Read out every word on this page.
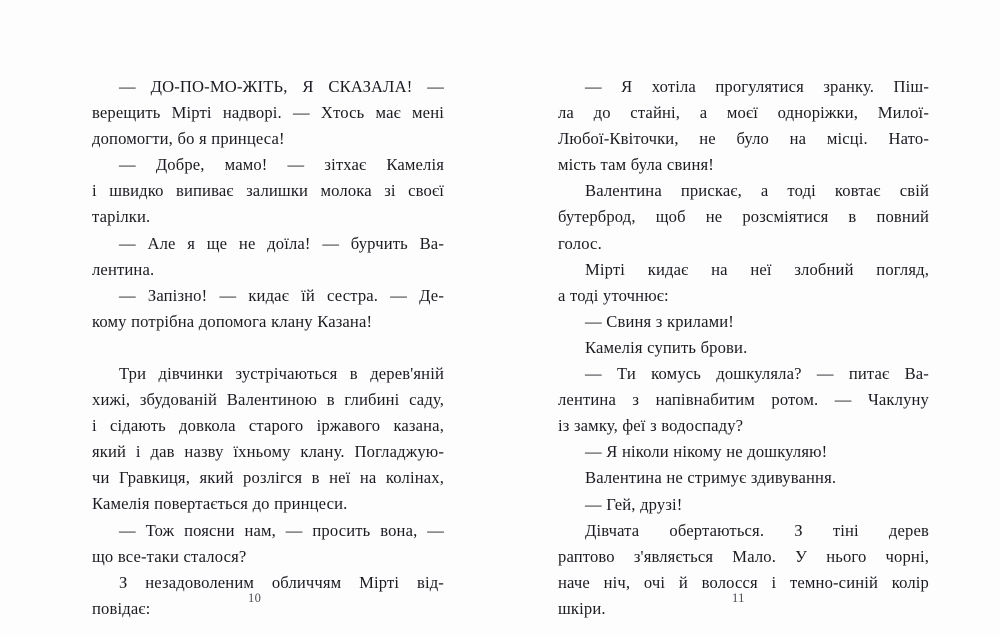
— ДО-ПО-МО-ЖІТЬ, Я СКАЗАЛА! —
верещить Мірті надворі. — Хтось має мені
допомогти, бо я принцеса!

— Добре, мамо! — зітхає Камелія
і швидко випиває залишки молока зі своєї
тарілки.

— Але я ще не доїла! — бурчить Ва-
лентина.

— Запізно! — кидає їй сестра. — Де-
кому потрібна допомога клану Казана!

Три дівчинки зустрічаються в дерев'яній
хижі, збудованій Валентиною в глибині саду,
і сідають довкола старого іржавого казана,
який і дав назву їхньому клану. Погладжую-
чи Гравкиця, який розлігся в неї на колінах,
Камелія повертається до принцеси.

— Тож поясни нам, — просить вона, —
що все-таки сталося?

З незадоволеним обличчям Мірті від-
повідає:

10

— Я хотіла прогулятися зранку. Піш-
ла до стайні, а моєї однорiжки, Милої-
Любої-Квіточки, не було на місці. Нато-
мість там була свиня!

Валентина прискає, а тоді ковтає свій
бутерброд, щоб не розсміятися в повний
голос.

Мірті кидає на неї злобний погляд,
а тоді уточнює:

— Свиня з крилами!

Камелія супить брови.

— Ти комусь дошкуляла? — питає Ва-
лентина з напівнабитим ротом. — Чаклуну
із замку, феї з водоспаду?

— Я ніколи нікому не дошкуляю!

Валентина не стримує здивування.

— Гей, друзі!

Дівчата обертаються. З тіні дерев
раптово з'являється Мало. У нього чорні,
наче ніч, очі й волосся і темно-синій колір
шкіри.

11
